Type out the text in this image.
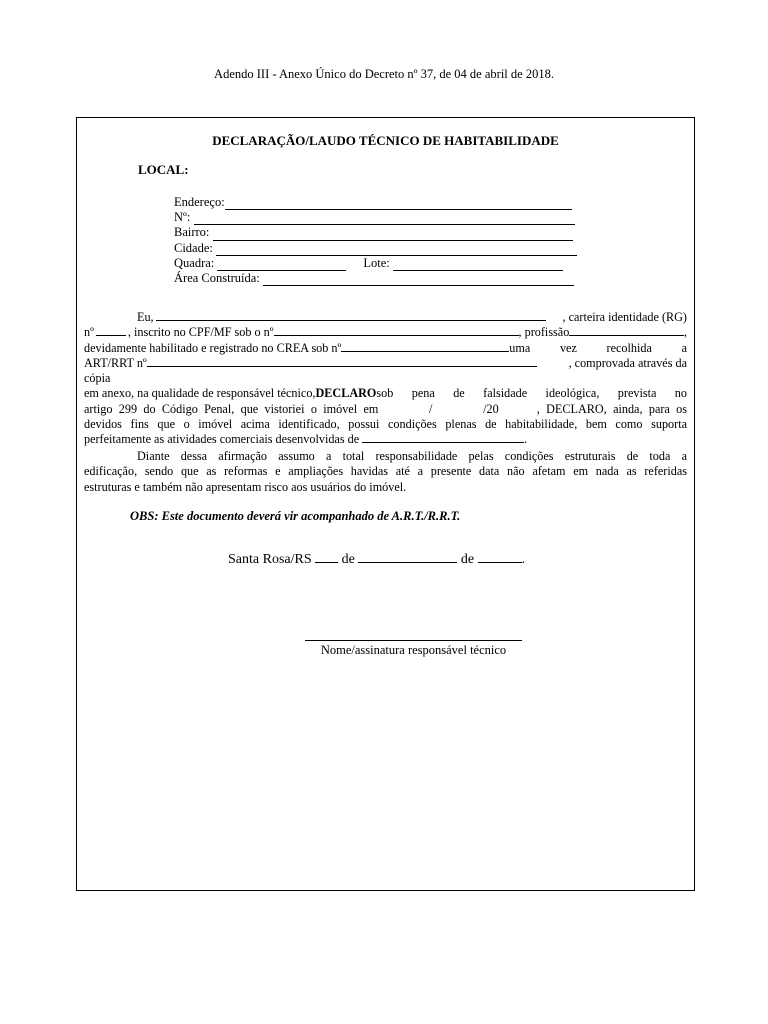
Adendo III - Anexo Único do Decreto nº 37, de 04 de abril de 2018.
DECLARAÇÃO/LAUDO TÉCNICO DE HABITABILIDADE
LOCAL:
Endereço:
Nº:

Bairro:

Cidade:

Quadra:
	Lote:

Área Construída:

Eu,	, carteira identidade (RG)
nº	, inscrito no CPF/MF sob o nº	, profissão	,
devidamente habilitado e registrado no CREA sob nº	uma vez recolhida a
ART/RRT nº	, comprovada através da
cópia
em anexo, na qualidade de responsável técnico, DECLARO sob pena de falsidade ideológica, prevista no
artigo 299 do Código Penal, que vistoriei o imóvel em        /        /20      , DECLARO, ainda, para os
devidos fins que o imóvel acima identificado, possui condições plenas de habitabilidade, bem como suporta
perfeitamente as atividades comerciais desenvolvidas de
	.
Diante dessa afirmação assumo a total responsabilidade pelas condições estruturais de toda a
edificação, sendo que as reformas e ampliações havidas até a presente data não afetam em nada as referidas
estruturas e também não apresentam risco aos usuários do imóvel.
OBS: Este documento deverá vir acompanhado de A.R.T./R.R.T.
Santa Rosa/RS de	de	.
Nome/assinatura responsável técnico
